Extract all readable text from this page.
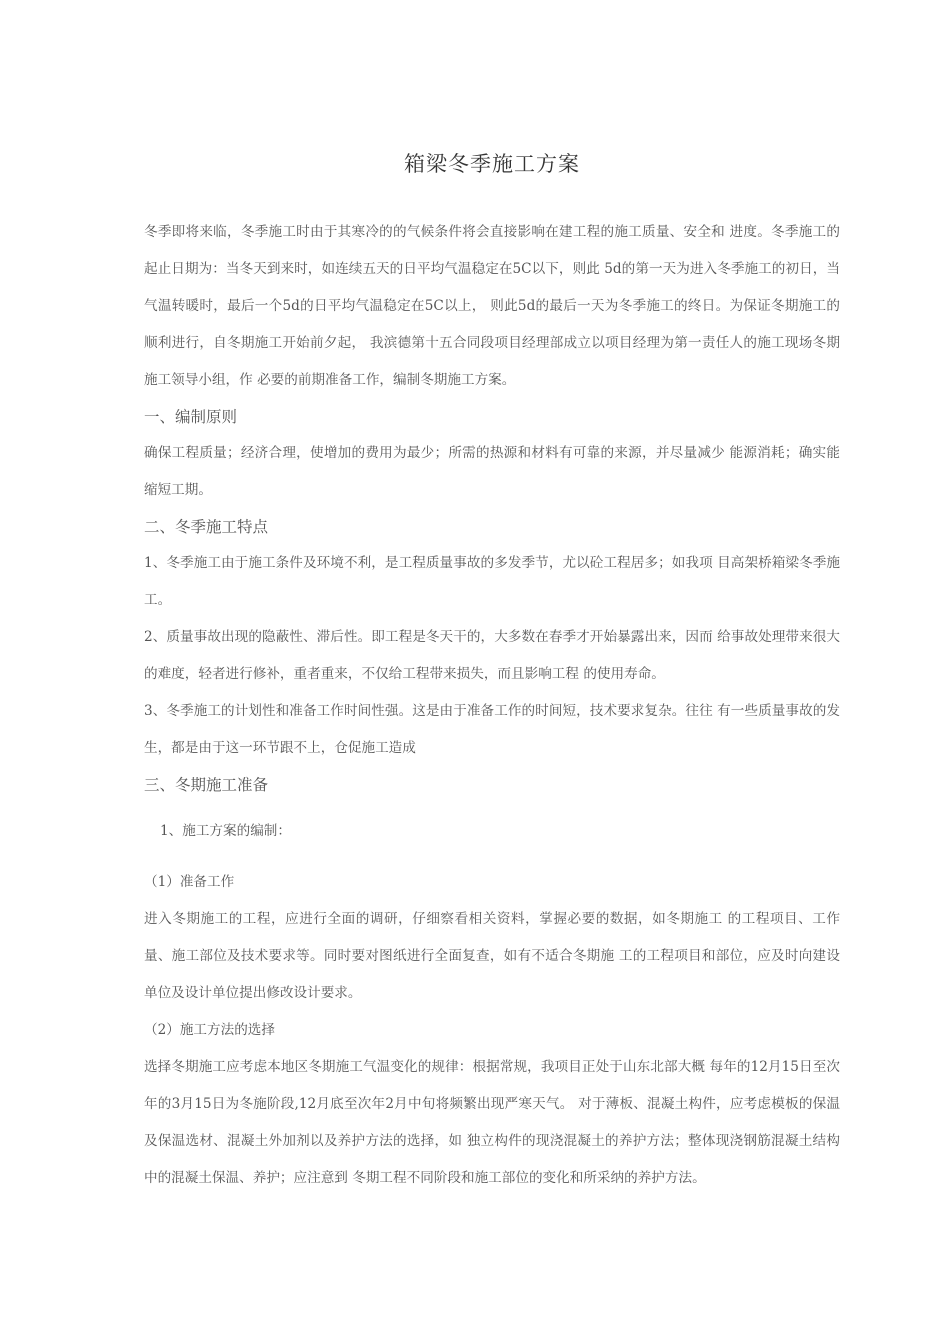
箱梁冬季施工方案

冬季即将来临，冬季施工时由于其寒冷的的气候条件将会直接影响在建工程的施工质量、安全和 进度。冬季施工的起止日期为：当冬天到来时，如连续五天的日平均气温稳定在5C以下，则此 5d的第一天为进入冬季施工的初日，当气温转暖时，最后一个5d的日平均气温稳定在5C以上， 则此5d的最后一天为冬季施工的终日。为保证冬期施工的顺利进行，自冬期施工开始前夕起， 我滨德第十五合同段项目经理部成立以项目经理为第一责任人的施工现场冬期施工领导小组，作 必要的前期准备工作，编制冬期施工方案。

一、编制原则

确保工程质量；经济合理，使增加的费用为最少；所需的热源和材料有可靠的来源，并尽量减少 能源消耗；确实能缩短工期。

二、冬季施工特点

1、冬季施工由于施工条件及环境不利，是工程质量事故的多发季节，尤以砼工程居多；如我项 目高架桥箱梁冬季施工。

2、质量事故出现的隐蔽性、滞后性。即工程是冬天干的，大多数在春季才开始暴露出来，因而 给事故处理带来很大的难度，轻者进行修补，重者重来，不仅给工程带来损失，而且影响工程 的使用寿命。

3、冬季施工的计划性和准备工作时间性强。这是由于准备工作的时间短，技术要求复杂。往往 有一些质量事故的发生，都是由于这一环节跟不上，仓促施工造成

三、冬期施工准备

1、施工方案的编制：

（1）准备工作

进入冬期施工的工程，应进行全面的调研，仔细察看相关资料，掌握必要的数据，如冬期施工 的工程项目、工作量、施工部位及技术要求等。同时要对图纸进行全面复查，如有不适合冬期施 工的工程项目和部位，应及时向建设单位及设计单位提出修改设计要求。

（2）施工方法的选择

选择冬期施工应考虑本地区冬期施工气温变化的规律：根据常规，我项目正处于山东北部大概 每年的12月15日至次年的3月15日为冬施阶段,12月底至次年2月中旬将频繁出现严寒天气。 对于薄板、混凝土构件，应考虑模板的保温及保温选材、混凝土外加剂以及养护方法的选择，如 独立构件的现浇混凝土的养护方法；整体现浇钢筋混凝土结构中的混凝土保温、养护；应注意到 冬期工程不同阶段和施工部位的变化和所采纳的养护方法。
